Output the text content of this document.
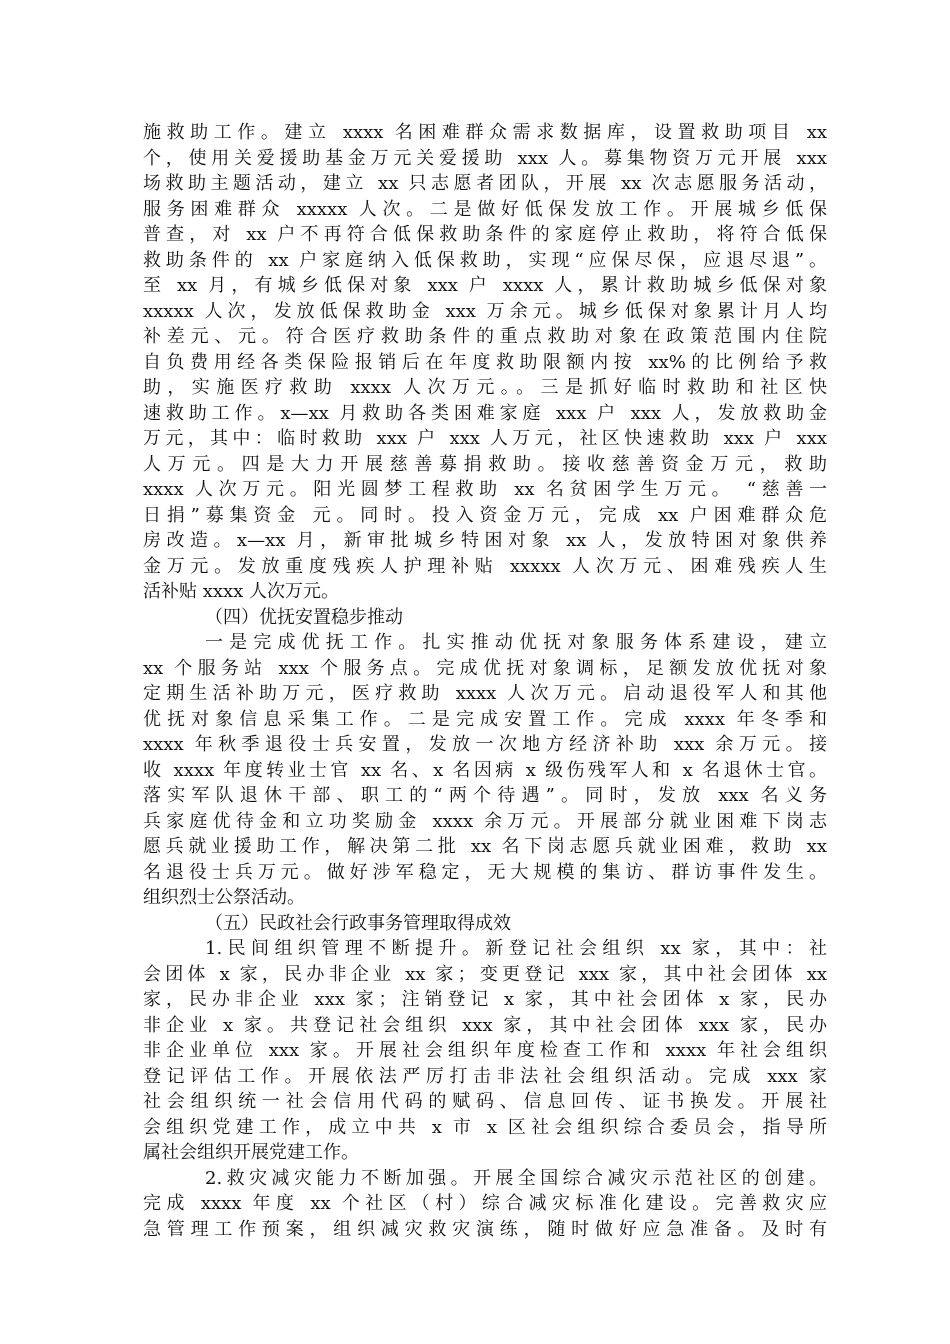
施救助工作。建立 xxxx 名困难群众需求数据库，设置救助项目 xx
个，使用关爱援助基金万元关爱援助 xxx 人。募集物资万元开展 xxx
场救助主题活动，建立 xx 只志愿者团队，开展 xx 次志愿服务活动，
服务困难群众 xxxxx 人次。二是做好低保发放工作。开展城乡低保
普查，对 xx 户不再符合低保救助条件的家庭停止救助，将符合低保
救助条件的 xx 户家庭纳入低保救助，实现“应保尽保，应退尽退”。
至 xx 月，有城乡低保对象 xxx 户 xxxx 人，累计救助城乡低保对象
xxxxx 人次，发放低保救助金 xxx 万余元。城乡低保对象累计月人均
补差元、元。符合医疗救助条件的重点救助对象在政策范围内住院
自负费用经各类保险报销后在年度救助限额内按 xx%的比例给予救
助，实施医疗救助 xxxx 人次万元。。三是抓好临时救助和社区快
速救助工作。x—xx 月救助各类困难家庭 xxx 户 xxx 人，发放救助金
万元，其中：临时救助 xxx 户 xxx 人万元，社区快速救助 xxx 户 xxx
人万元。四是大力开展慈善募捐救助。接收慈善资金万元，救助
xxxx 人次万元。阳光圆梦工程救助 xx 名贫困学生万元。 “慈善一
日捐”募集资金 元。同时。投入资金万元，完成 xx 户困难群众危
房改造。x—xx 月，新审批城乡特困对象 xx 人，发放特困对象供养
金万元。发放重度残疾人护理补贴 xxxxx 人次万元、困难残疾人生
活补贴 xxxx 人次万元。
（四）优抚安置稳步推动
一是完成优抚工作。扎实推动优抚对象服务体系建设，建立
xx 个服务站 xxx 个服务点。完成优抚对象调标，足额发放优抚对象
定期生活补助万元，医疗救助 xxxx 人次万元。启动退役军人和其他
优抚对象信息采集工作。二是完成安置工作。完成 xxxx 年冬季和
xxxx 年秋季退役士兵安置，发放一次地方经济补助 xxx 余万元。接
收 xxxx 年度转业士官 xx 名、x 名因病 x 级伤残军人和 x 名退休士官。
落实军队退休干部、职工的“两个待遇”。同时，发放 xxx 名义务
兵家庭优待金和立功奖励金 xxxx 余万元。开展部分就业困难下岗志
愿兵就业援助工作，解决第二批 xx 名下岗志愿兵就业困难，救助 xx
名退役士兵万元。做好涉军稳定，无大规模的集访、群访事件发生。
组织烈士公祭活动。
（五）民政社会行政事务管理取得成效
1.民间组织管理不断提升。新登记社会组织 xx 家，其中：社
会团体 x 家，民办非企业 xx 家；变更登记 xxx 家，其中社会团体 xx
家，民办非企业 xxx 家；注销登记 x 家，其中社会团体 x 家，民办
非企业 x 家。共登记社会组织 xxx 家，其中社会团体 xxx 家，民办
非企业单位 xxx 家。开展社会组织年度检查工作和 xxxx 年社会组织
登记评估工作。开展依法严厉打击非法社会组织活动。完成 xxx 家
社会组织统一社会信用代码的赋码、信息回传、证书换发。开展社
会组织党建工作，成立中共 x 市 x 区社会组织综合委员会，指导所
属社会组织开展党建工作。
2.救灾减灾能力不断加强。开展全国综合减灾示范社区的创建。
完成 xxxx 年度 xx 个社区（村）综合减灾标准化建设。完善救灾应
急管理工作预案，组织减灾救灾演练，随时做好应急准备。及时有
